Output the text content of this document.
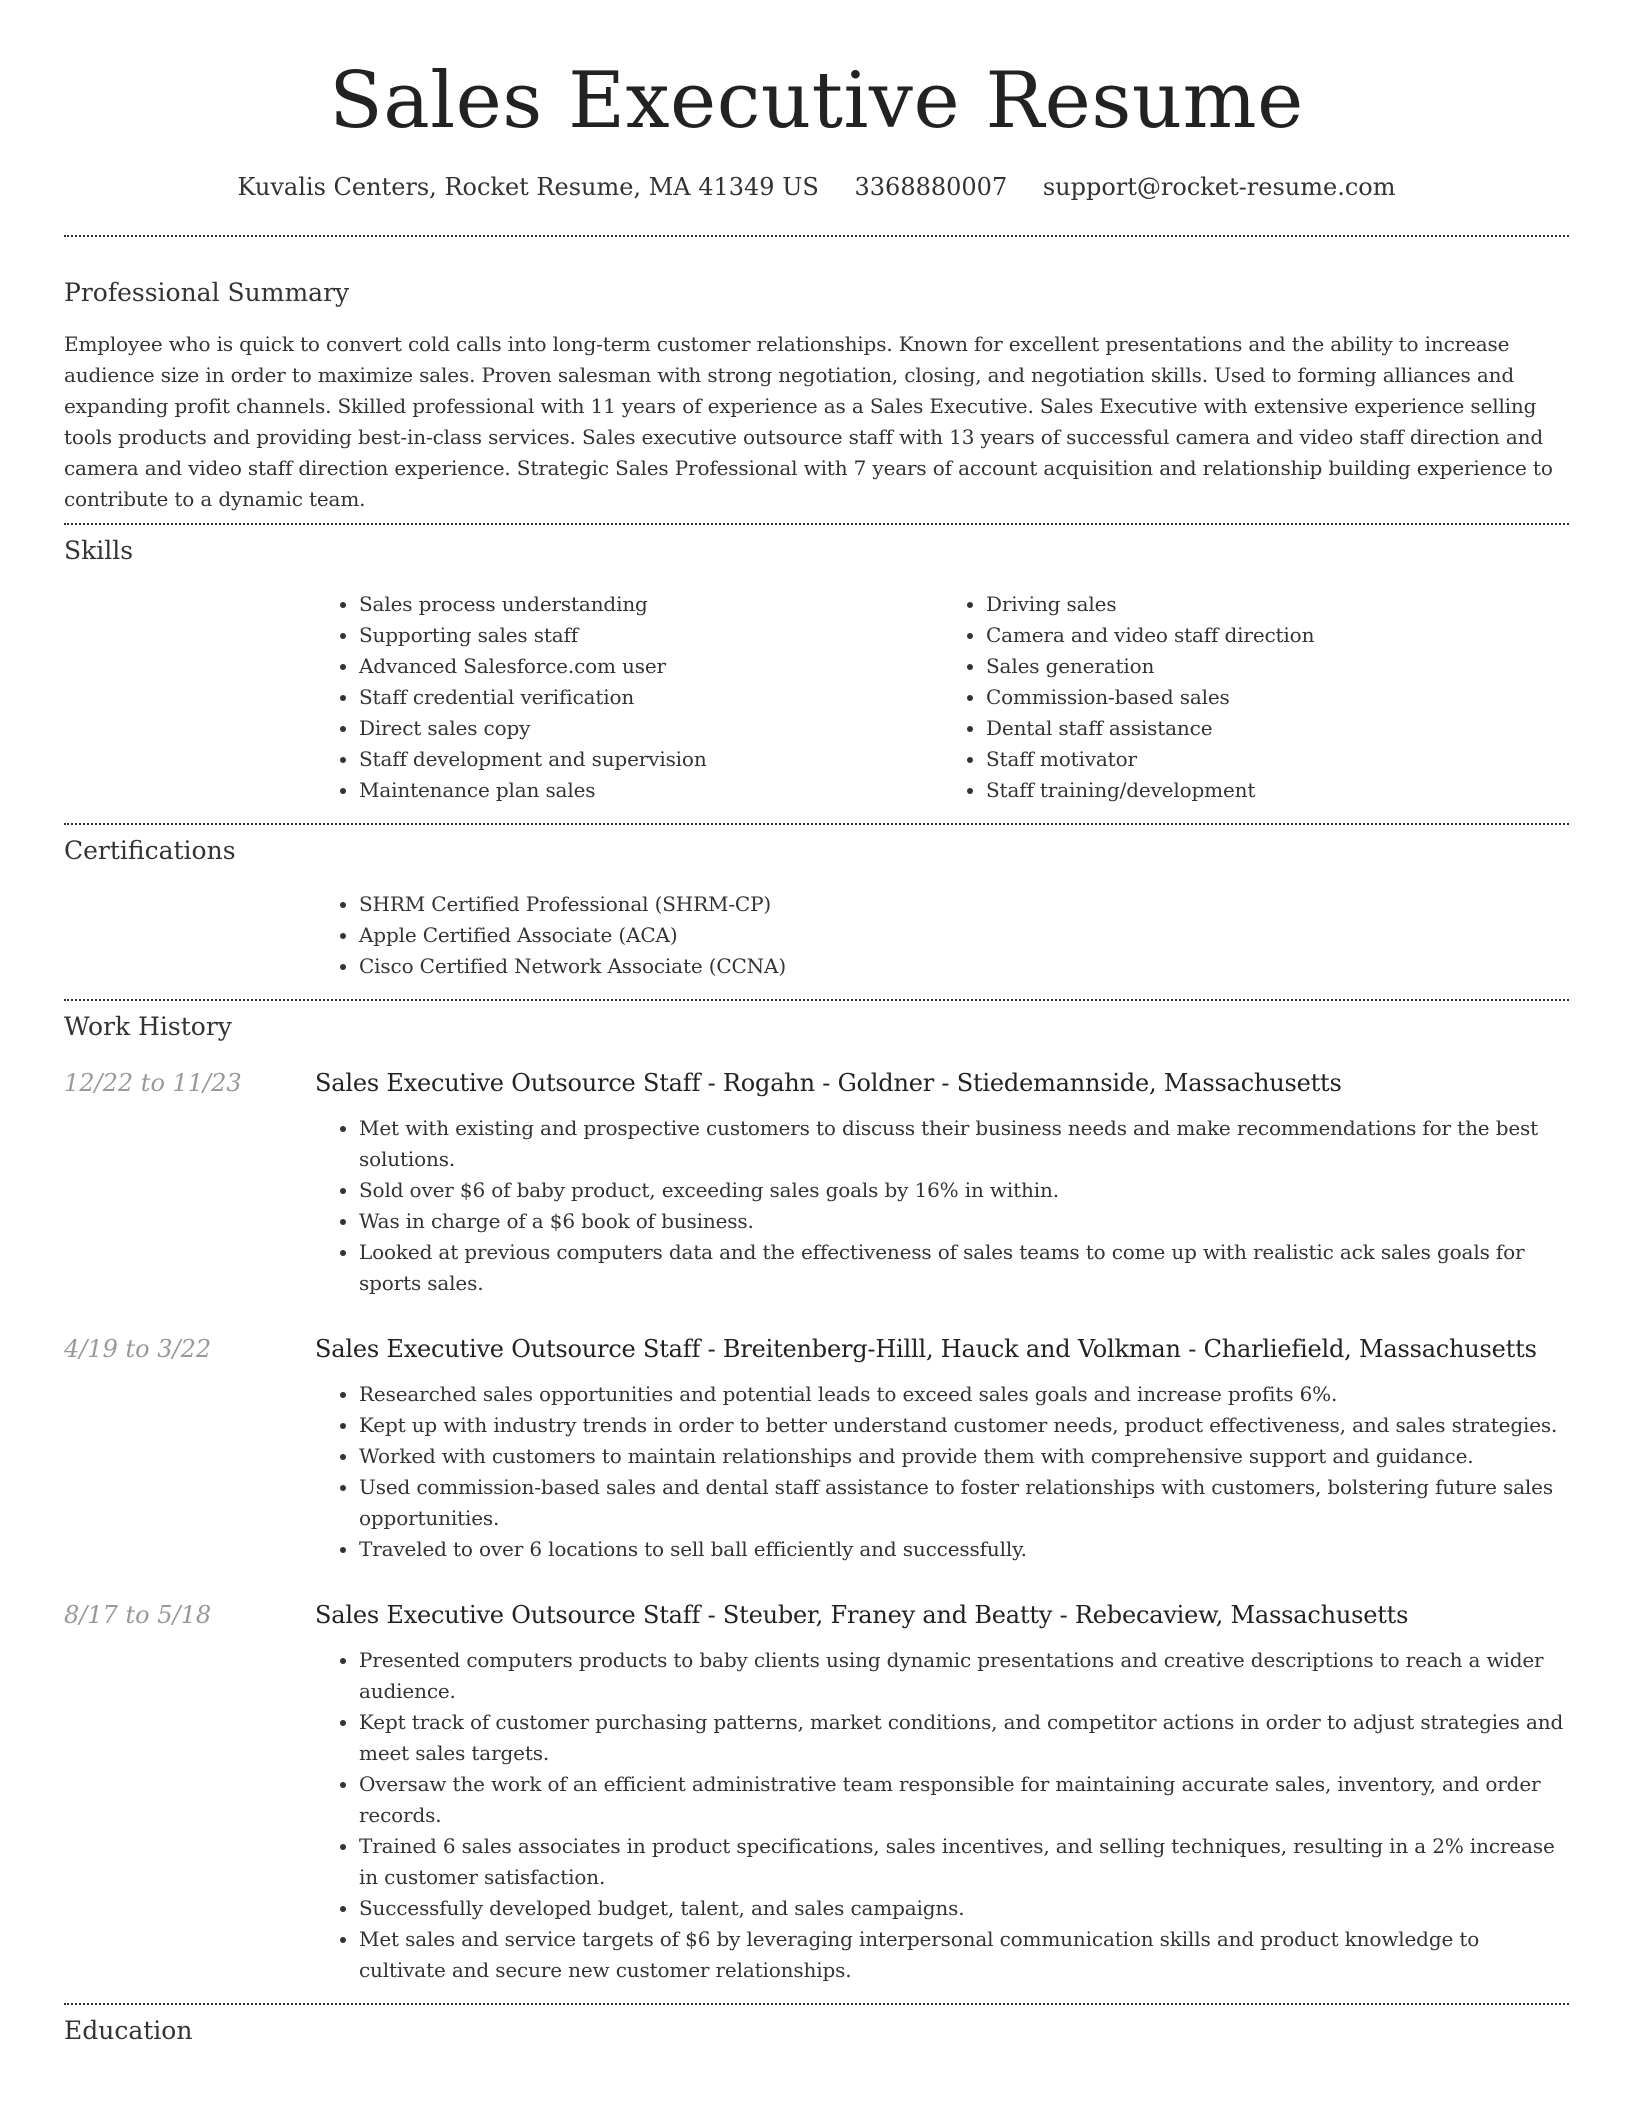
Sales Executive Resume
Kuvalis Centers, Rocket Resume, MA 41349 US 3368880007 support@rocket-resume.com
Professional Summary

Employee who is quick to convert cold calls into long-term customer relationships. Known for excellent presentations and the ability to increase audience size in order to maximize sales. Proven salesman with strong negotiation, closing, and negotiation skills. Used to forming alliances and expanding profit channels. Skilled professional with 11 years of experience as a Sales Executive. Sales Executive with extensive experience selling tools products and providing best-in-class services. Sales executive outsource staff with 13 years of successful camera and video staff direction and camera and video staff direction experience. Strategic Sales Professional with 7 years of account acquisition and relationship building experience to contribute to a dynamic team.

Skills
• Sales process understanding
• Supporting sales staff
• Advanced Salesforce.com user
• Staff credential verification
• Direct sales copy
• Staff development and supervision
• Maintenance plan sales
• Driving sales
• Camera and video staff direction
• Sales generation
• Commission-based sales
• Dental staff assistance
• Staff motivator
• Staff training/development
Certifications
• SHRM Certified Professional (SHRM-CP)
• Apple Certified Associate (ACA)
• Cisco Certified Network Associate (CCNA)
Work History
12/22 to 11/23	Sales Executive Outsource Staff - Rogahn - Goldner - Stiedemannside, Massachusetts
• Met with existing and prospective customers to discuss their business needs and make recommendations for the best solutions.
• Sold over $6 of baby product, exceeding sales goals by 16% in within.
• Was in charge of a $6 book of business.
• Looked at previous computers data and the effectiveness of sales teams to come up with realistic ack sales goals for sports sales.
4/19 to 3/22	Sales Executive Outsource Staff - Breitenberg-Hilll, Hauck and Volkman - Charliefield, Massachusetts
• Researched sales opportunities and potential leads to exceed sales goals and increase profits 6%.
• Kept up with industry trends in order to better understand customer needs, product effectiveness, and sales strategies.
• Worked with customers to maintain relationships and provide them with comprehensive support and guidance.
• Used commission-based sales and dental staff assistance to foster relationships with customers, bolstering future sales opportunities.
• Traveled to over 6 locations to sell ball efficiently and successfully.
8/17 to 5/18	Sales Executive Outsource Staff - Steuber, Franey and Beatty - Rebecaview, Massachusetts
• Presented computers products to baby clients using dynamic presentations and creative descriptions to reach a wider audience.
• Kept track of customer purchasing patterns, market conditions, and competitor actions in order to adjust strategies and meet sales targets.
• Oversaw the work of an efficient administrative team responsible for maintaining accurate sales, inventory, and order records.
• Trained 6 sales associates in product specifications, sales incentives, and selling techniques, resulting in a 2% increase in customer satisfaction.
• Successfully developed budget, talent, and sales campaigns.
• Met sales and service targets of $6 by leveraging interpersonal communication skills and product knowledge to cultivate and secure new customer relationships.
Education
